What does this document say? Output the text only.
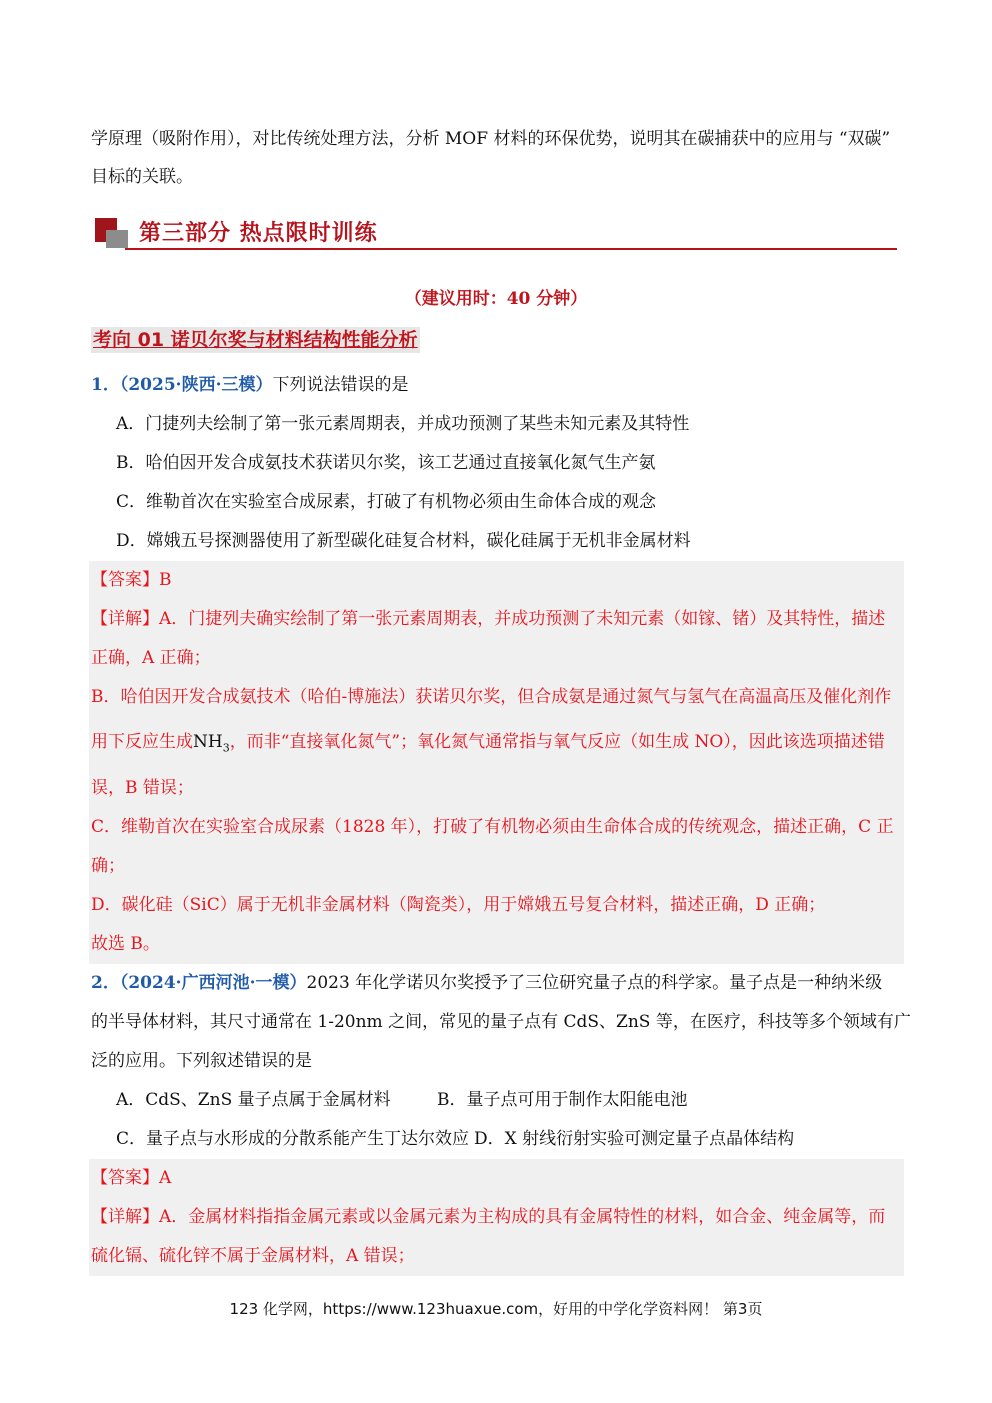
学原理（吸附作用），对比传统处理方法，分析 MOF 材料的环保优势，说明其在碳捕获中的应用与 “双碳”
目标的关联。
第三部分 热点限时训练
（建议用时：40 分钟）
考向 01 诺贝尔奖与材料结构性能分析
1．（2025·陕西·三模）下列说法错误的是
A．门捷列夫绘制了第一张元素周期表，并成功预测了某些未知元素及其特性
B．哈伯因开发合成氨技术获诺贝尔奖，该工艺通过直接氧化氮气生产氨
C．维勒首次在实验室合成尿素，打破了有机物必须由生命体合成的观念
D．嫦娥五号探测器使用了新型碳化硅复合材料，碳化硅属于无机非金属材料
【答案】B
【详解】A．门捷列夫确实绘制了第一张元素周期表，并成功预测了未知元素（如镓、锗）及其特性，描述
正确，A 正确；
B．哈伯因开发合成氨技术（哈伯-博施法）获诺贝尔奖，但合成氨是通过氮气与氢气在高温高压及催化剂作
用下反应生成$NH_3$，而非“直接氧化氮气”；氧化氮气通常指与氧气反应（如生成 NO），因此该选项描述错
误，B 错误；
C．维勒首次在实验室合成尿素（1828 年），打破了有机物必须由生命体合成的传统观念，描述正确，C 正
确；
D．碳化硅（SiC）属于无机非金属材料（陶瓷类），用于嫦娥五号复合材料，描述正确，D 正确；
故选 B。
2．（2024·广西河池·一模）2023 年化学诺贝尔奖授予了三位研究量子点的科学家。量子点是一种纳米级
的半导体材料，其尺寸通常在 1-20nm 之间，常见的量子点有 CdS、ZnS 等，在医疗，科技等多个领域有广
泛的应用。下列叙述错误的是
A．CdS、ZnS 量子点属于金属材料	B．量子点可用于制作太阳能电池
C．量子点与水形成的分散系能产生丁达尔效应 D．X 射线衍射实验可测定量子点晶体结构
【答案】A
【详解】A．金属材料指指金属元素或以金属元素为主构成的具有金属特性的材料，如合金、纯金属等，而
硫化镉、硫化锌不属于金属材料，A 错误；
123 化学网，https://www.123huaxue.com，好用的中学化学资料网！ 第3页
